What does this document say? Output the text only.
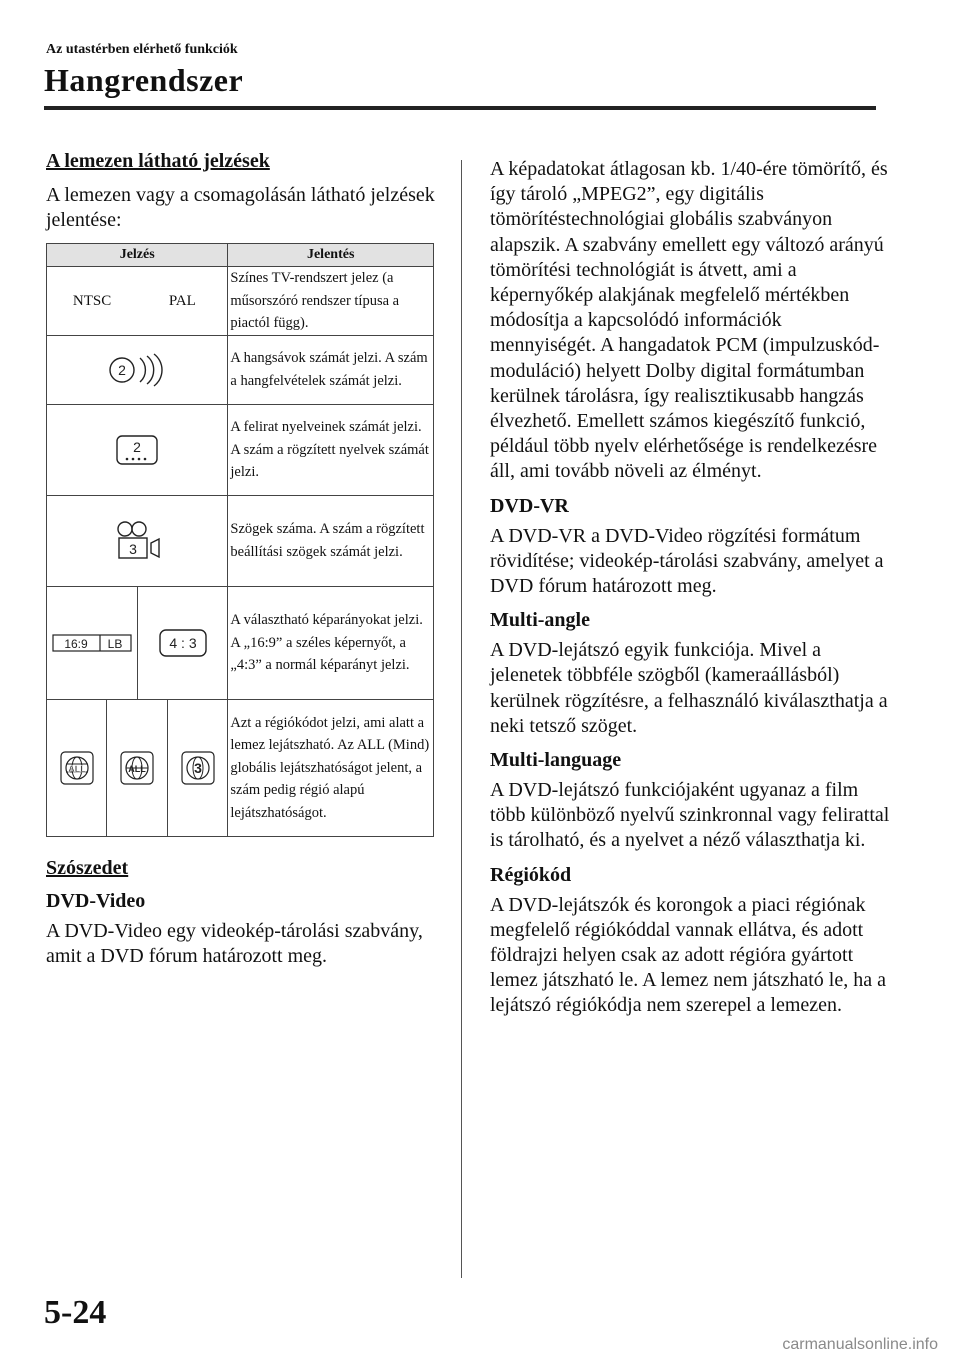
Az utastérben elérhető funkciók
Hangrendszer
A lemezen látható jelzések
A lemezen vagy a csomagolásán látható jelzések jelentése:
Jelzés	Jelentés

NTSC PAL	Színes TV-rendszert jelez (a műsorszóró rendszer típusa a piactól függ).

2	A hangsávok számát jelzi. A szám a hangfelvételek számát jelzi.

2	A felirat nyelveinek számát jelzi. A szám a rögzített nyelvek számát jelzi.

3	Szögek száma. A szám a rögzített beállítási szögek számát jelzi.

16:9 LB 4 : 3	A választható képarányokat jelzi. A „16:9” a széles képernyőt, a „4:3” a normál képarányt jelzi.

ALL ALL 3	Azt a régiókódot jelzi, ami alatt a lemez lejátszható. Az ALL (Mind) globális lejátszhatóságot jelent, a szám pedig régió alapú lejátszhatóságot.
Szószedet
DVD-Video
A DVD-Video egy videokép-tárolási szabvány, amit a DVD fórum határozott meg.
A képadatokat átlagosan kb. 1/40-ére tömörítő, és így tároló „MPEG2”, egy digitális tömörítéstechnológiai globális szabványon alapszik. A szabvány emellett egy változó arányú tömörítési technológiát is átvett, ami a képernyőkép alakjának megfelelő mértékben módosítja a kapcsolódó információk mennyiségét. A hangadatok PCM (impulzuskód-moduláció) helyett Dolby digital formátumban kerülnek tárolásra, így realisztikusabb hangzás élvezhető. Emellett számos kiegészítő funkció, például több nyelv elérhetősége is rendelkezésre áll, ami tovább növeli az élményt.
DVD-VR
A DVD-VR a DVD-Video rögzítési formátum rövidítése; videokép-tárolási szabvány, amelyet a DVD fórum határozott meg.
Multi-angle
A DVD-lejátszó egyik funkciója. Mivel a jelenetek többféle szögből (kameraállásból) kerülnek rögzítésre, a felhasználó kiválaszthatja a neki tetsző szöget.
Multi-language
A DVD-lejátszó funkciójaként ugyanaz a film több különböző nyelvű szinkronnal vagy felirattal is tárolható, és a nyelvet a néző választhatja ki.
Régiókód
A DVD-lejátszók és korongok a piaci régiónak megfelelő régiókóddal vannak ellátva, és adott földrajzi helyen csak az adott régióra gyártott lemez játszható le. A lemez nem játszható le, ha a lejátszó régiókódja nem szerepel a lemezen.
5-24
carmanualsonline.info
